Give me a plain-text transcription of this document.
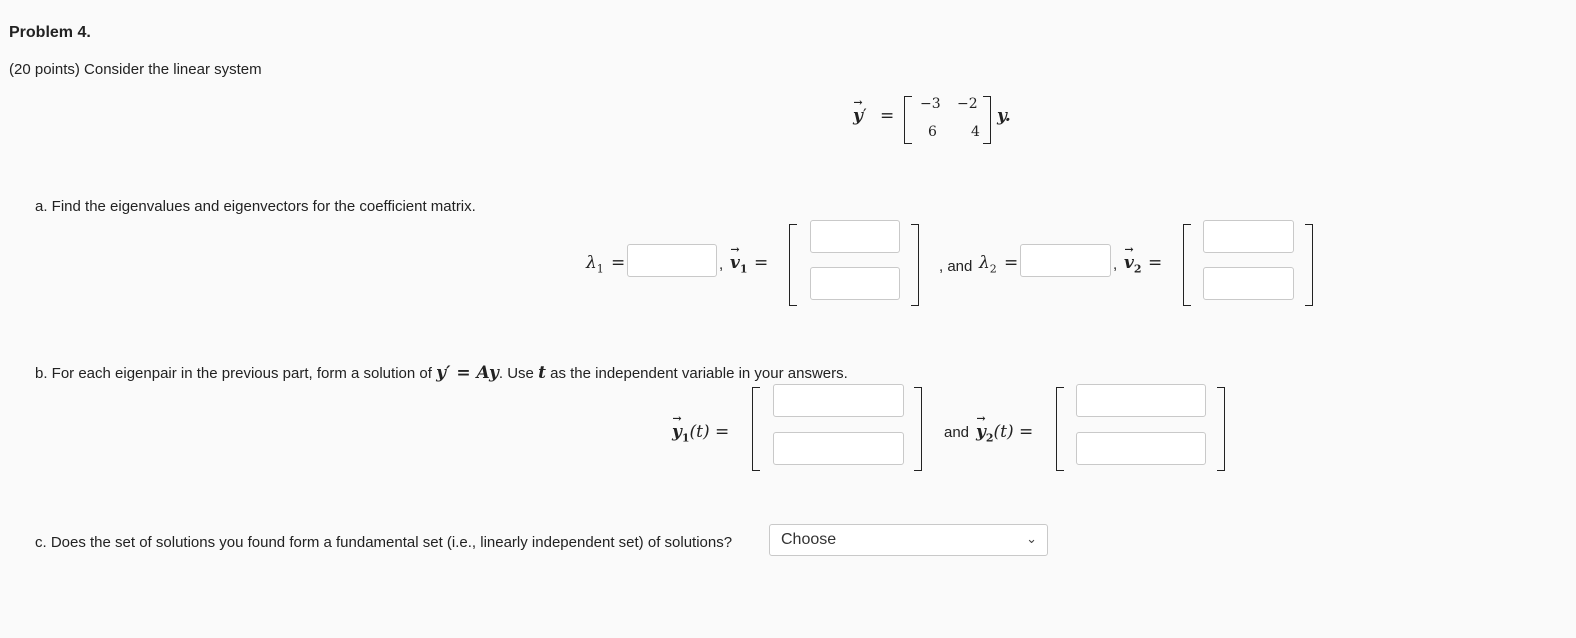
Problem 4.
(20 points) Consider the linear system
→ y′ =
−3 −2
6 4
y.
a. Find the eigenvalues and eigenvectors for the coefficient matrix.
$\lambda_1$ =	, → $v_1$ =	, and $\lambda_2$ =	, → $v_2$ =
b. For each eigenpair in the previous part, form a solution of y′ = Ay. Use t as the independent variable in your answers.
→ $y_1(t)$ =	and → $y_2(t)$ =
c. Does the set of solutions you found form a fundamental set (i.e., linearly independent set) of solutions?	Choose	⌄
